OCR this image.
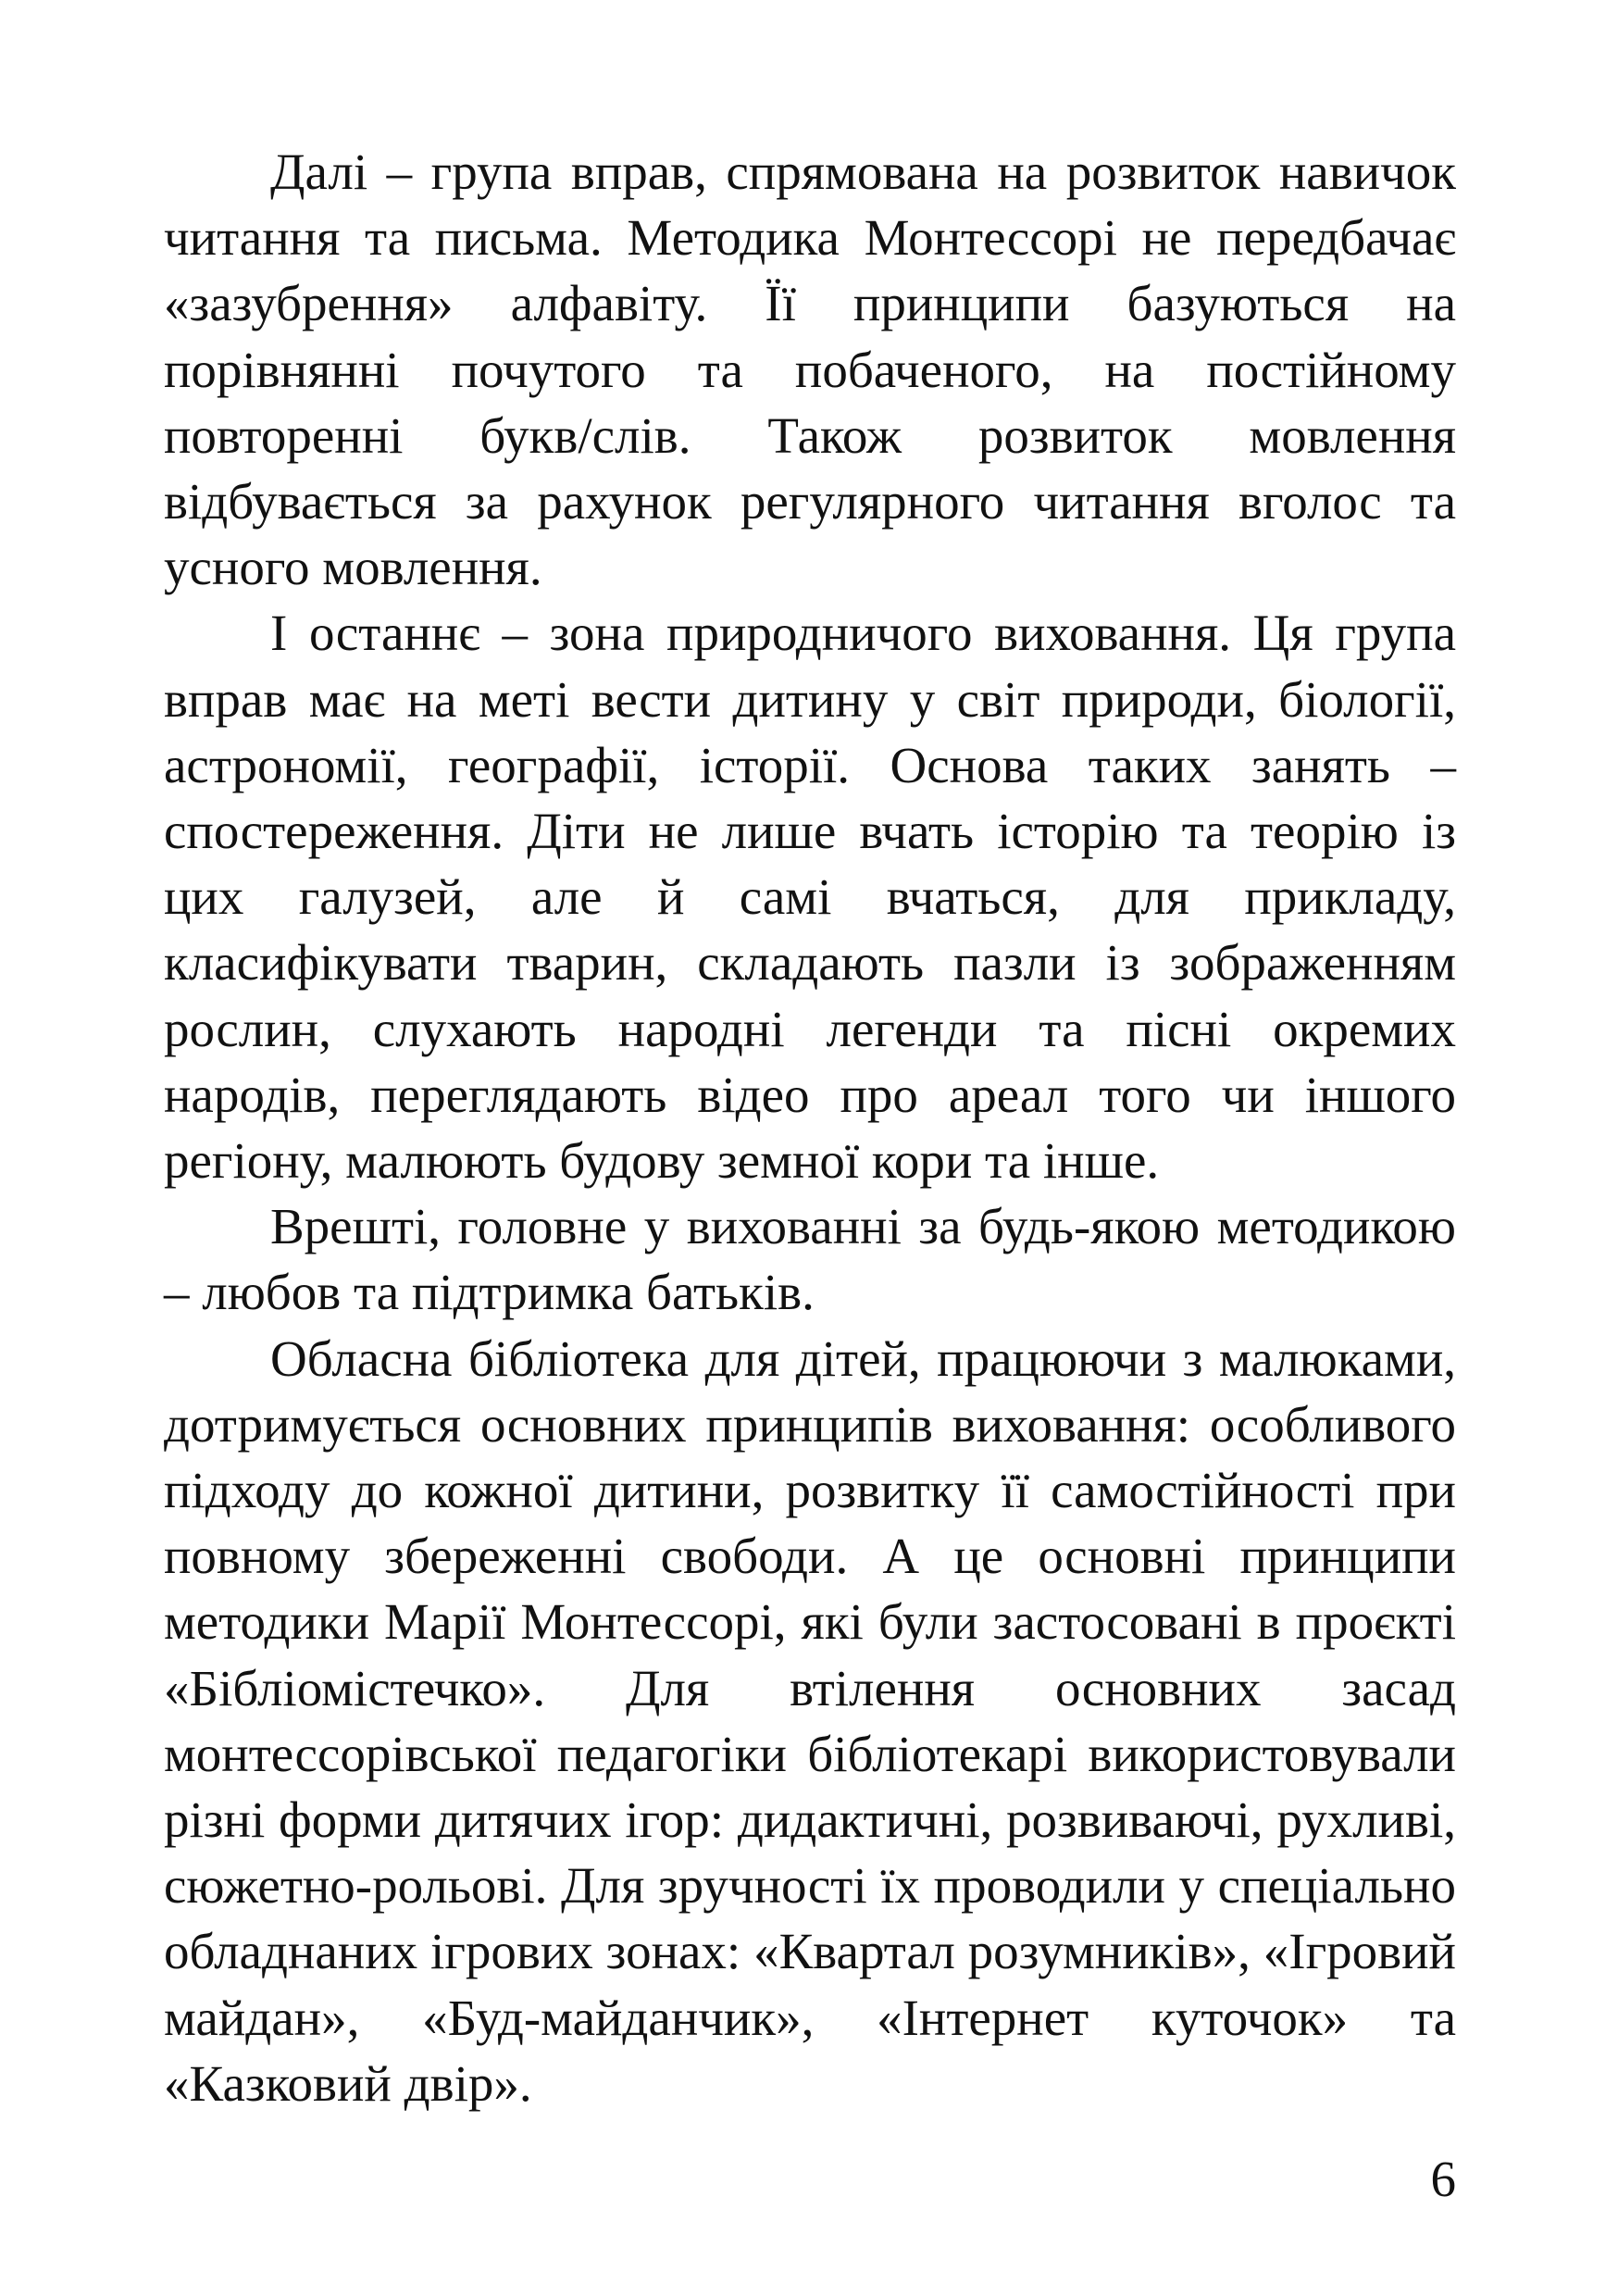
Далі – група вправ, спрямована на розвиток навичок читання та письма. Методика Монтессорі не передбачає «зазубрення» алфавіту. Її принципи базуються на порівнянні почутого та побаченого, на постійному повторенні букв/слів. Також розвиток мовлення відбувається за рахунок регулярного читання вголос та усного мовлення.

І останнє – зона природничого виховання. Ця група вправ має на меті вести дитину у світ природи, біології, астрономії, географії, історії. Основа таких занять – спостереження. Діти не лише вчать історію та теорію із цих галузей, але й самі вчаться, для прикладу, класифікувати тварин, складають пазли із зображенням рослин, слухають народні легенди та пісні окремих народів, переглядають відео про ареал того чи іншого регіону, малюють будову земної кори та інше.

Врешті, головне у вихованні за будь-якою методикою – любов та підтримка батьків.

Обласна бібліотека для дітей, працюючи з малюками, дотримується основних принципів виховання: особливого підходу до кожної дитини, розвитку її самостійності при повному збереженні свободи. А це основні принципи методики Марії Монтессорі, які були застосовані в проєкті «Бібліомістечко». Для втілення основних засад монтессорівської педагогіки бібліотекарі використовували різні форми дитячих ігор: дидактичні, розвиваючі, рухливі, сюжетно-рольові. Для зручності їх проводили у спеціально обладнаних ігрових зонах: «Квартал розумників», «Ігровий майдан», «Буд-майданчик», «Інтернет куточок» та «Казковий двір».

6
